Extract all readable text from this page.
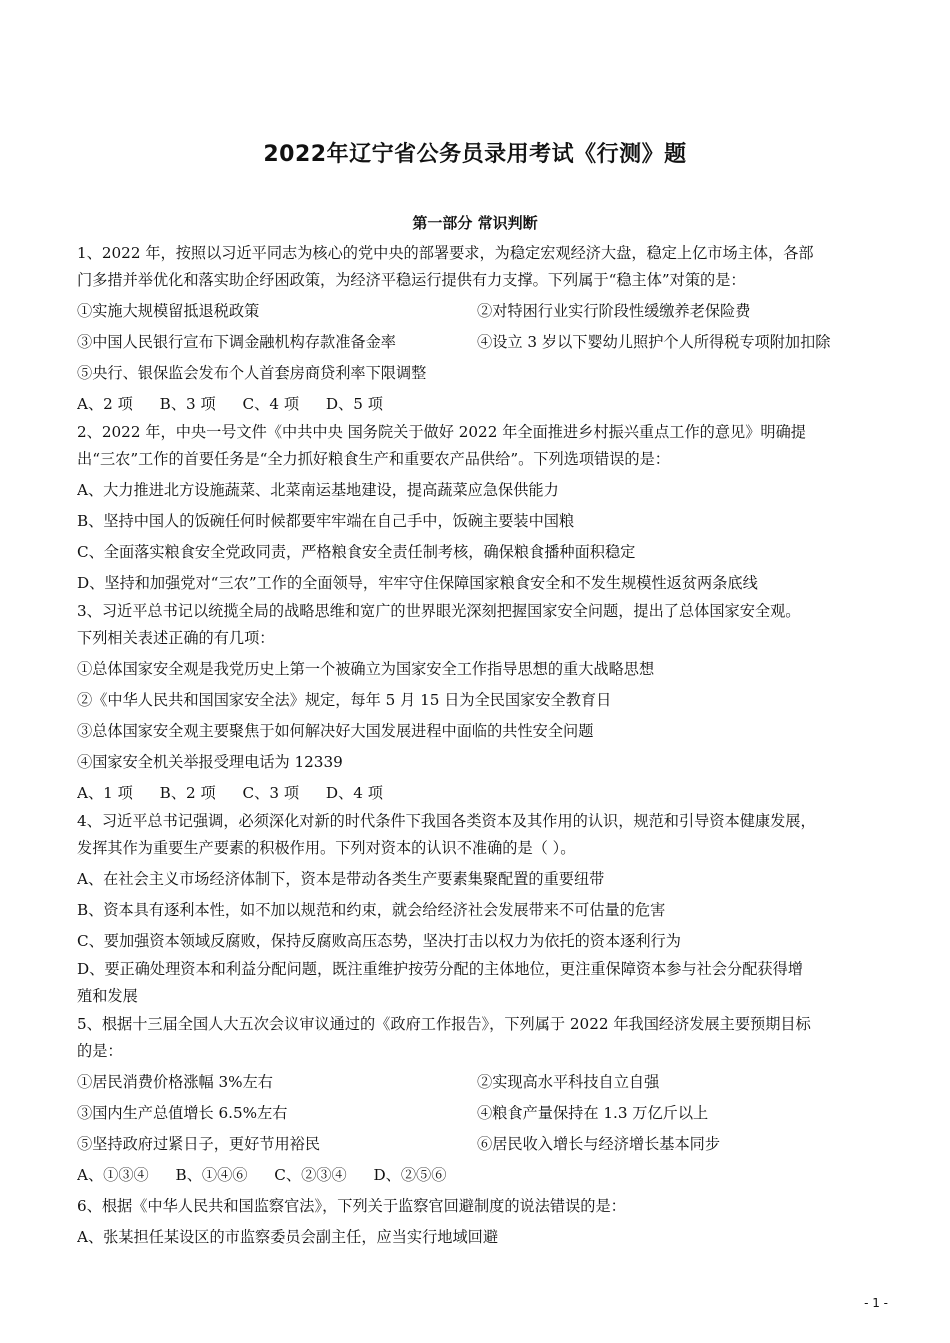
2022年辽宁省公务员录用考试《行测》题
第一部分 常识判断
1、2022 年，按照以习近平同志为核心的党中央的部署要求，为稳定宏观经济大盘，稳定上亿市场主体，各部
门多措并举优化和落实助企纾困政策，为经济平稳运行提供有力支撑。下列属于“稳主体”对策的是：
①实施大规模留抵退税政策	②对特困行业实行阶段性缓缴养老保险费
③中国人民银行宣布下调金融机构存款准备金率	④设立 3 岁以下婴幼儿照护个人所得税专项附加扣除
⑤央行、银保监会发布个人首套房商贷利率下限调整
A、2 项 B、3 项 C、4 项 D、5 项
2、2022 年，中央一号文件《中共中央 国务院关于做好 2022 年全面推进乡村振兴重点工作的意见》明确提
出“三农”工作的首要任务是“全力抓好粮食生产和重要农产品供给”。下列选项错误的是：
A、大力推进北方设施蔬菜、北菜南运基地建设，提高蔬菜应急保供能力
B、坚持中国人的饭碗任何时候都要牢牢端在自己手中，饭碗主要装中国粮
C、全面落实粮食安全党政同责，严格粮食安全责任制考核，确保粮食播种面积稳定
D、坚持和加强党对“三农”工作的全面领导，牢牢守住保障国家粮食安全和不发生规模性返贫两条底线
3、习近平总书记以统揽全局的战略思维和宽广的世界眼光深刻把握国家安全问题，提出了总体国家安全观。
下列相关表述正确的有几项：
①总体国家安全观是我党历史上第一个被确立为国家安全工作指导思想的重大战略思想
②《中华人民共和国国家安全法》规定，每年 5 月 15 日为全民国家安全教育日
③总体国家安全观主要聚焦于如何解决好大国发展进程中面临的共性安全问题
④国家安全机关举报受理电话为 12339
A、1 项 B、2 项 C、3 项 D、4 项
4、习近平总书记强调，必须深化对新的时代条件下我国各类资本及其作用的认识，规范和引导资本健康发展，
发挥其作为重要生产要素的积极作用。下列对资本的认识不准确的是（ ）。
A、在社会主义市场经济体制下，资本是带动各类生产要素集聚配置的重要纽带
B、资本具有逐利本性，如不加以规范和约束，就会给经济社会发展带来不可估量的危害
C、要加强资本领域反腐败，保持反腐败高压态势，坚决打击以权力为依托的资本逐利行为
D、要正确处理资本和利益分配问题，既注重维护按劳分配的主体地位，更注重保障资本参与社会分配获得增
殖和发展
5、根据十三届全国人大五次会议审议通过的《政府工作报告》，下列属于 2022 年我国经济发展主要预期目标
的是：
①居民消费价格涨幅 3%左右	②实现高水平科技自立自强
③国内生产总值增长 6.5%左右	④粮食产量保持在 1.3 万亿斤以上
⑤坚持政府过紧日子，更好节用裕民	⑥居民收入增长与经济增长基本同步
A、①③④ B、①④⑥ C、②③④ D、②⑤⑥
6、根据《中华人民共和国监察官法》，下列关于监察官回避制度的说法错误的是：
A、张某担任某设区的市监察委员会副主任，应当实行地域回避
- 1 -
